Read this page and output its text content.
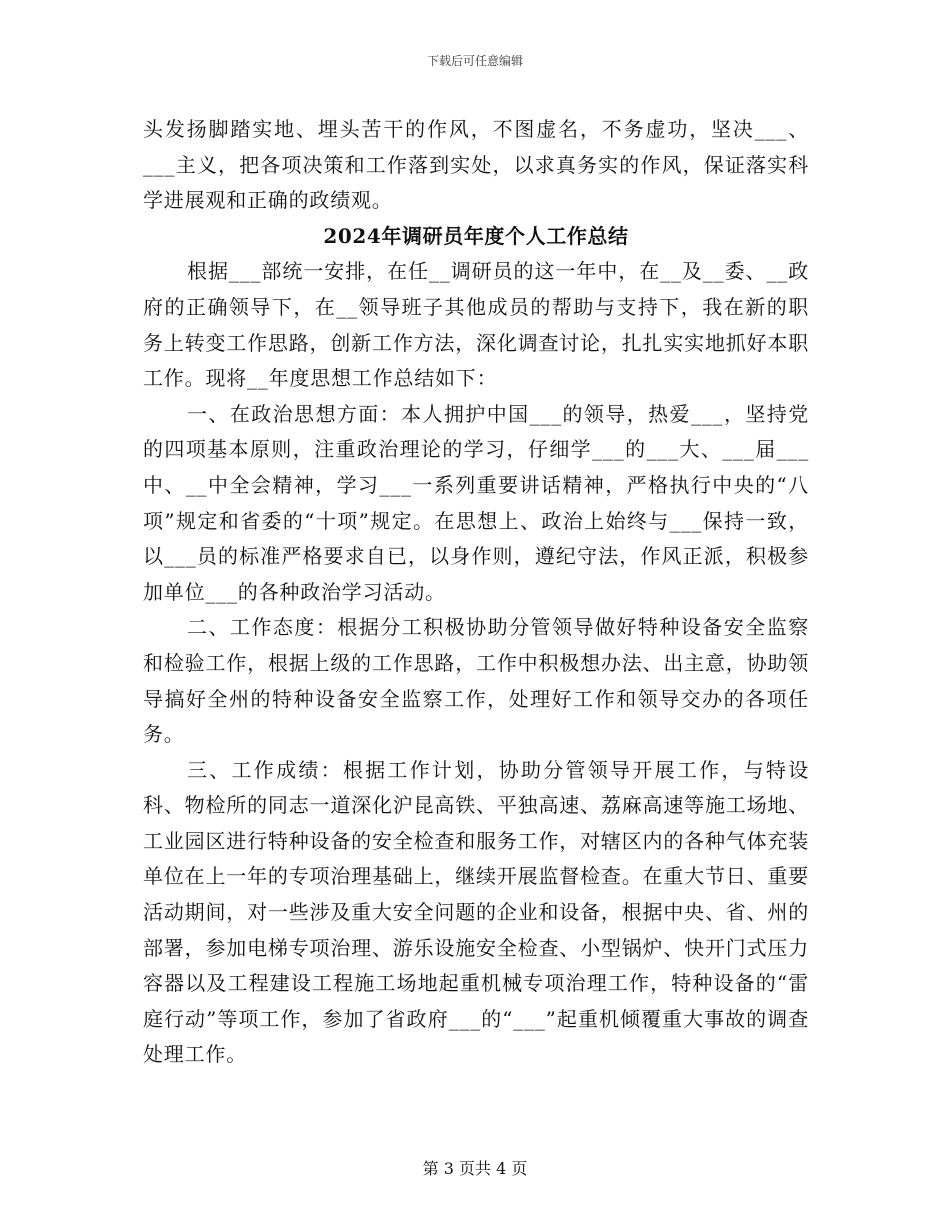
下载后可任意编辑

头发扬脚踏实地、埋头苦干的作风，不图虚名，不务虚功，坚决___、___主义，把各项决策和工作落到实处，以求真务实的作风，保证落实科学进展观和正确的政绩观。

2024年调研员年度个人工作总结

根据___部统一安排，在任__调研员的这一年中，在__及__委、__政府的正确领导下，在__领导班子其他成员的帮助与支持下，我在新的职务上转变工作思路，创新工作方法，深化调查讨论，扎扎实实地抓好本职工作。现将__年度思想工作总结如下：

一、在政治思想方面：本人拥护中国___的领导，热爱___，坚持党的四项基本原则，注重政治理论的学习，仔细学___的___大、___届___中、__中全会精神，学习___一系列重要讲话精神，严格执行中央的“八项”规定和省委的“十项”规定。在思想上、政治上始终与___保持一致，以___员的标准严格要求自已，以身作则，遵纪守法，作风正派，积极参加单位___的各种政治学习活动。

二、工作态度：根据分工积极协助分管领导做好特种设备安全监察和检验工作，根据上级的工作思路，工作中积极想办法、出主意，协助领导搞好全州的特种设备安全监察工作，处理好工作和领导交办的各项任务。

三、工作成绩：根据工作计划，协助分管领导开展工作，与特设科、物检所的同志一道深化沪昆高铁、平独高速、荔麻高速等施工场地、工业园区进行特种设备的安全检查和服务工作，对辖区内的各种气体充装单位在上一年的专项治理基础上，继续开展监督检查。在重大节日、重要活动期间，对一些涉及重大安全问题的企业和设备，根据中央、省、州的部署，参加电梯专项治理、游乐设施安全检查、小型锅炉、快开门式压力容器以及工程建设工程施工场地起重机械专项治理工作，特种设备的“雷庭行动”等项工作，参加了省政府___的“___”起重机倾覆重大事故的调查处理工作。

第 3 页共 4 页
